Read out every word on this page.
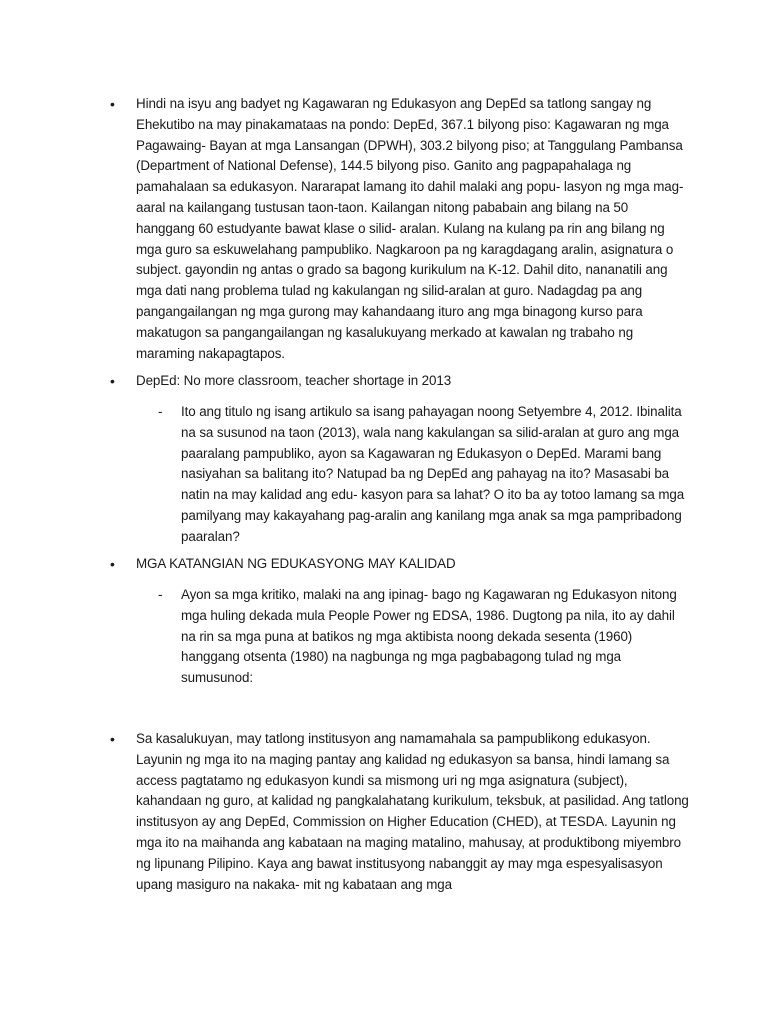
•	Hindi na isyu ang badyet ng Kagawaran ng Edukasyon ang DepEd sa tatlong sangay ng Ehekutibo na may pinakamataas na pondo: DepEd, 367.1 bilyong piso: Kagawaran ng mga Pagawaing- Bayan at mga Lansangan (DPWH), 303.2 bilyong piso; at Tanggulang Pambansa (Department of National Defense), 144.5 bilyong piso. Ganito ang pagpapahalaga ng pamahalaan sa edukasyon. Nararapat lamang ito dahil malaki ang popu- lasyon ng mga mag-aaral na kailangang tustusan taon-taon. Kailangan nitong pababain ang bilang na 50 hanggang 60 estudyante bawat klase o silid- aralan. Kulang na kulang pa rin ang bilang ng mga guro sa eskuwelahang pampubliko. Nagkaroon pa ng karagdagang aralin, asignatura o subject. gayondin ng antas o grado sa bagong kurikulum na K-12. Dahil dito, nananatili ang mga dati nang problema tulad ng kakulangan ng silid-aralan at guro. Nadagdag pa ang pangangailangan ng mga gurong may kahandaang ituro ang mga binagong kurso para makatugon sa pangangailangan ng kasalukuyang merkado at kawalan ng trabaho ng maraming nakapagtapos.
•	DepEd: No more classroom, teacher shortage in 2013
-	Ito ang titulo ng isang artikulo sa isang pahayagan noong Setyembre 4, 2012. Ibinalita na sa susunod na taon (2013), wala nang kakulangan sa silid-aralan at guro ang mga paaralang pampubliko, ayon sa Kagawaran ng Edukasyon o DepEd. Marami bang nasiyahan sa balitang ito? Natupad ba ng DepEd ang pahayag na ito? Masasabi ba natin na may kalidad ang edu- kasyon para sa lahat? O ito ba ay totoo lamang sa mga pamilyang may kakayahang pag-aralin ang kanilang mga anak sa mga pampribadong paaralan?
•	MGA KATANGIAN NG EDUKASYONG MAY KALIDAD
-	Ayon sa mga kritiko, malaki na ang ipinag- bago ng Kagawaran ng Edukasyon nitong mga huling dekada mula People Power ng EDSA, 1986. Dugtong pa nila, ito ay dahil na rin sa mga puna at batikos ng mga aktibista noong dekada sesenta (1960) hanggang otsenta (1980) na nagbunga ng mga pagbabagong tulad ng mga sumusunod:
•	Sa kasalukuyan, may tatlong institusyon ang namamahala sa pampublikong edukasyon. Layunin ng mga ito na maging pantay ang kalidad ng edukasyon sa bansa, hindi lamang sa access pagtatamo ng edukasyon kundi sa mismong uri ng mga asignatura (subject), kahandaan ng guro, at kalidad ng pangkalahatang kurikulum, teksbuk, at pasilidad. Ang tatlong institusyon ay ang DepEd, Commission on Higher Education (CHED), at TESDA. Layunin ng mga ito na maihanda ang kabataan na maging matalino, mahusay, at produktibong miyembro ng lipunang Pilipino. Kaya ang bawat institusyong nabanggit ay may mga espesyalisasyon upang masiguro na nakaka- mit ng kabataan ang mga
